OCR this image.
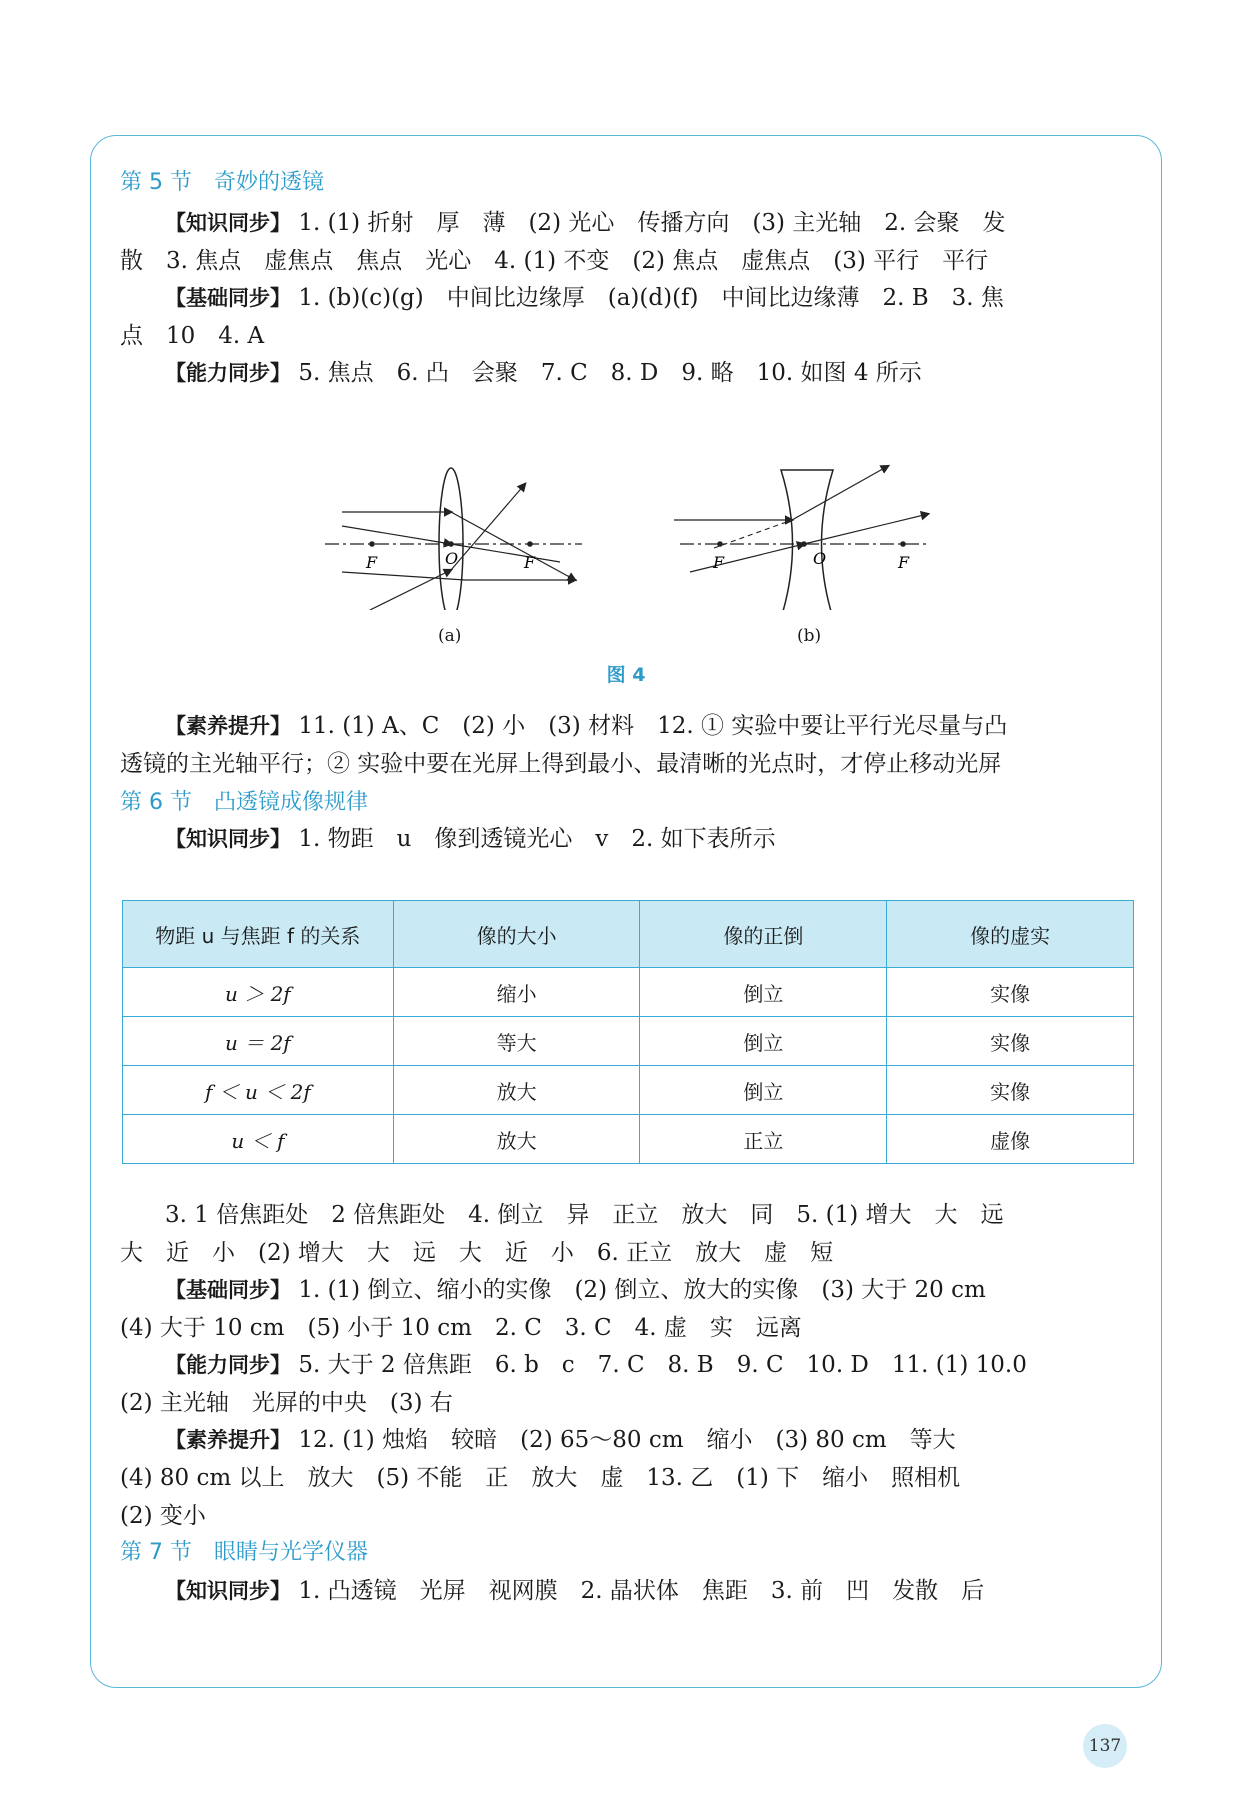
第 5 节 奇妙的透镜
【知识同步】 1. (1) 折射　厚　薄　(2) 光心　传播方向　(3) 主光轴　2. 会聚　发
散　3. 焦点　虚焦点　焦点　光心　4. (1) 不变　(2) 焦点　虚焦点　(3) 平行　平行
【基础同步】 1. (b)(c)(g)　中间比边缘厚　(a)(d)(f)　中间比边缘薄　2. B　3. 焦
点　10　4. A
【能力同步】 5. 焦点　6. 凸　会聚　7. C　8. D　9. 略　10. 如图 4 所示
F	O	F	F	O	F
(a)	(b)
图 4
【素养提升】 11. (1) A、C　(2) 小　(3) 材料　12. ① 实验中要让平行光尽量与凸
透镜的主光轴平行；② 实验中要在光屏上得到最小、最清晰的光点时，才停止移动光屏
第 6 节 凸透镜成像规律
【知识同步】 1. 物距　u　像到透镜光心　v　2. 如下表所示
物距 u 与焦距 f 的关系	像的大小	像的正倒	像的虚实
u ＞ 2f	缩小	倒立	实像
u ＝ 2f	等大	倒立	实像
f ＜ u ＜ 2f	放大	倒立	实像
u ＜ f	放大	正立	虚像
3. 1 倍焦距处　2 倍焦距处　4. 倒立　异　正立　放大　同　5. (1) 增大　大　远
大　近　小　(2) 增大　大　远　大　近　小　6. 正立　放大　虚　短
【基础同步】 1. (1) 倒立、缩小的实像　(2) 倒立、放大的实像　(3) 大于 20 cm
(4) 大于 10 cm　(5) 小于 10 cm　2. C　3. C　4. 虚　实　远离
【能力同步】 5. 大于 2 倍焦距　6. b　c　7. C　8. B　9. C　10. D　11. (1) 10.0
(2) 主光轴　光屏的中央　(3) 右
【素养提升】 12. (1) 烛焰　较暗　(2) 65～80 cm　缩小　(3) 80 cm　等大
(4) 80 cm 以上　放大　(5) 不能　正　放大　虚　13. 乙　(1) 下　缩小　照相机
(2) 变小
第 7 节 眼睛与光学仪器
【知识同步】 1. 凸透镜　光屏　视网膜　2. 晶状体　焦距　3. 前　凹　发散　后
137
